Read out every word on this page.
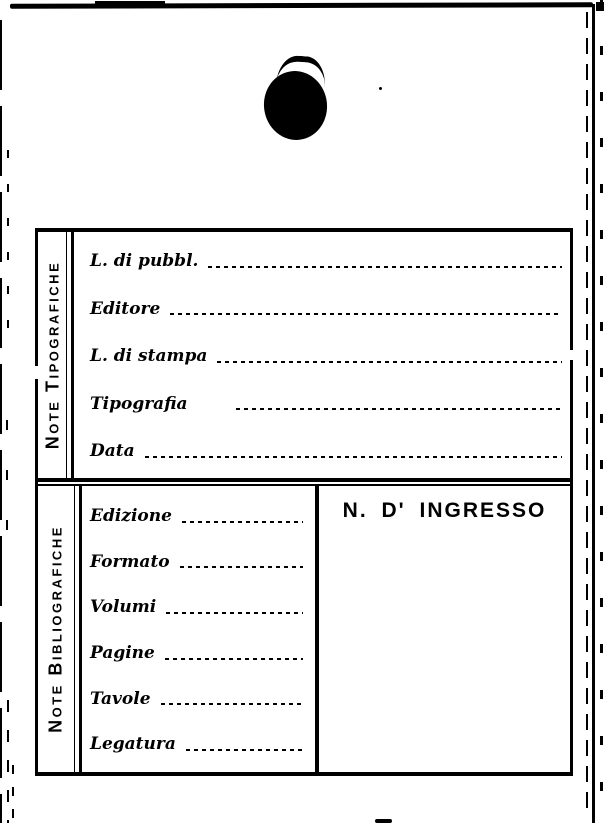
Note Tipografiche L. di pubbl.
Editore
L. di stampa
Tipografia
Data
Note Bibliografiche
Edizione
Formato
Volumi
Pagine
Tavole
Legatura
N. D' INGRESSO
